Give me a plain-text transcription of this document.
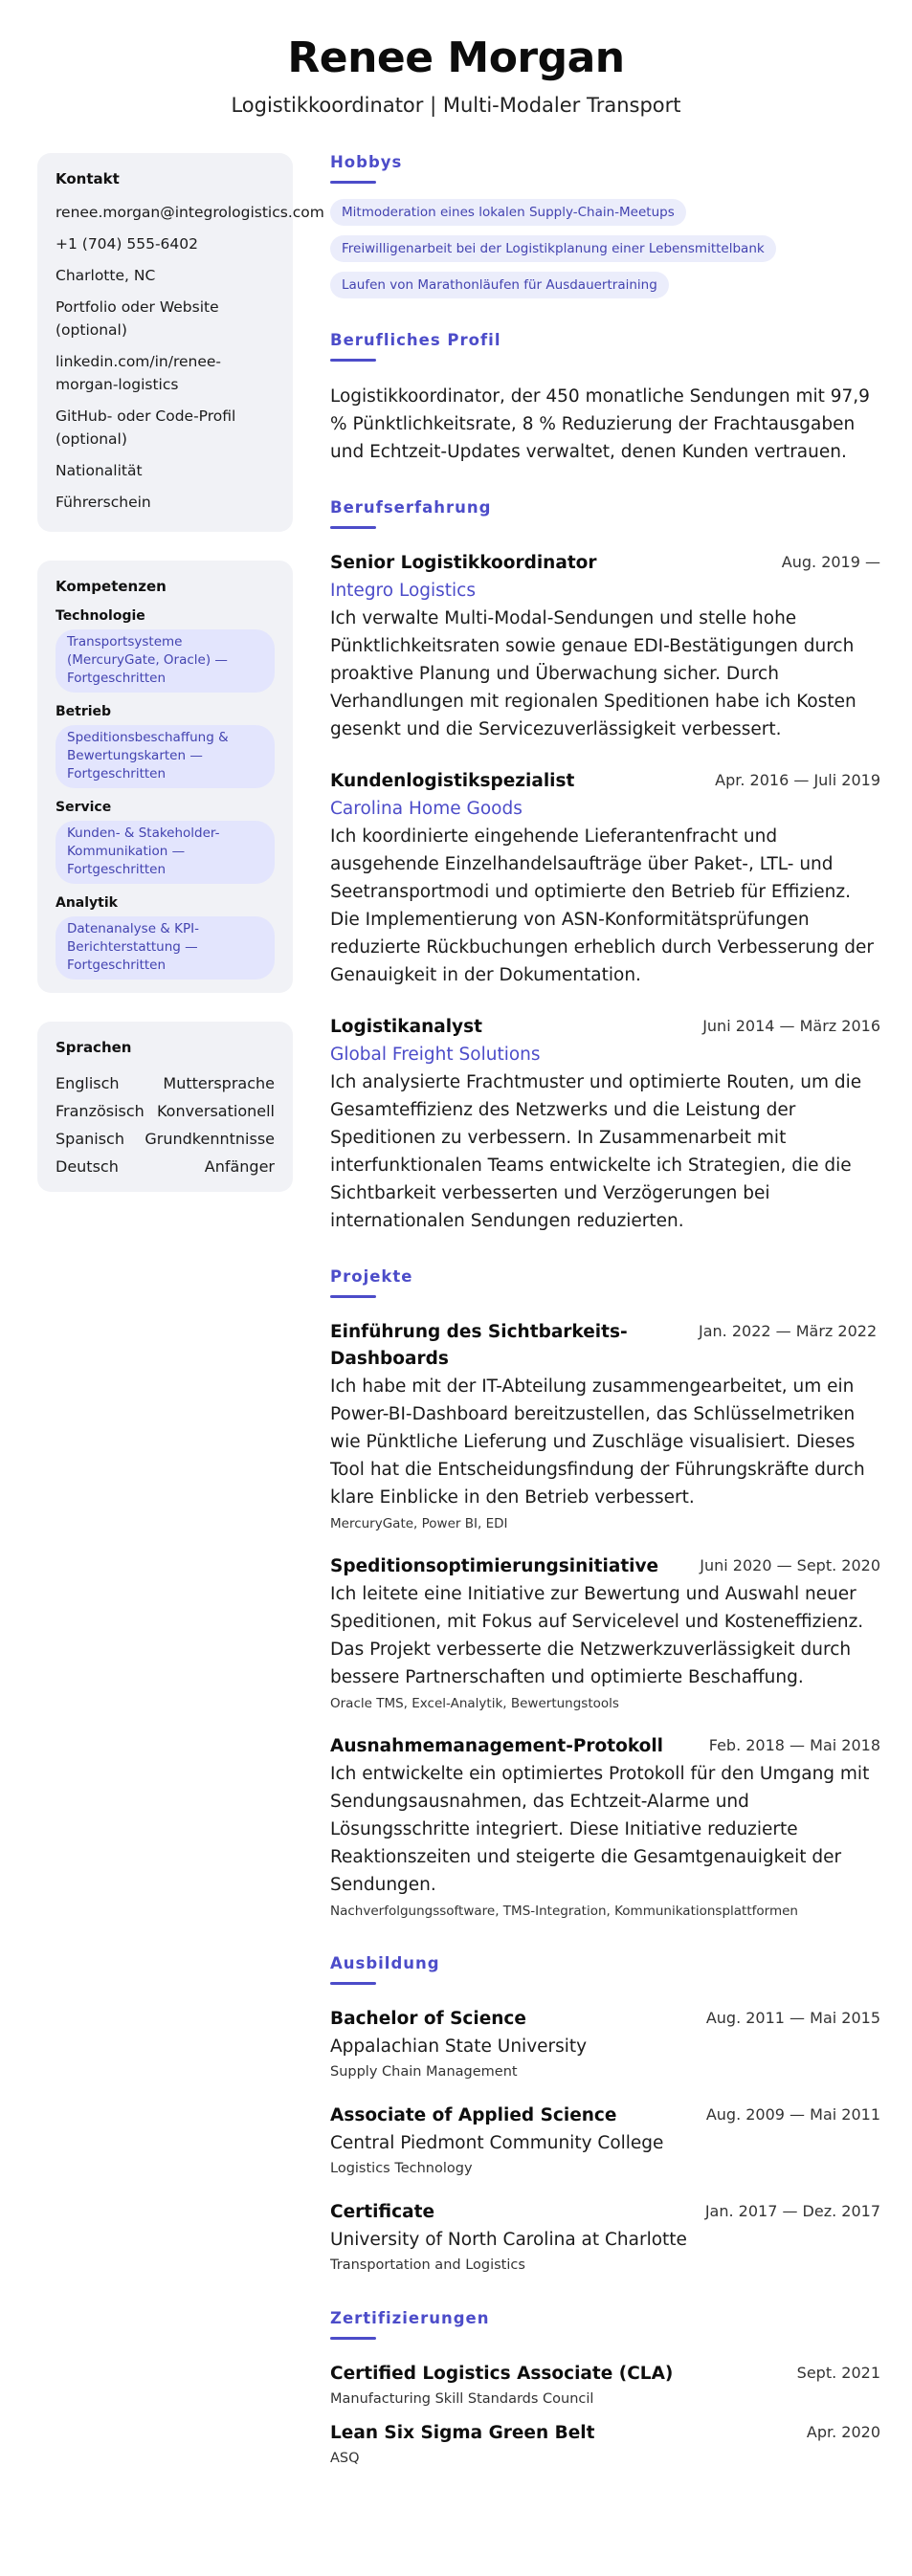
Renee Morgan
Logistikkoordinator | Multi-Modaler Transport
Kontakt
renee.morgan@integrologistics.com
+1 (704) 555-6402
Charlotte, NC
Portfolio oder Website (optional)
linkedin.com/in/renee-morgan-logistics
GitHub- oder Code-Profil (optional)
Nationalität
Führerschein
Kompetenzen
Technologie
Transportsysteme (MercuryGate, Oracle) — Fortgeschritten
Betrieb
Speditionsbeschaffung & Bewertungskarten — Fortgeschritten
Service
Kunden- & Stakeholder-Kommunikation — Fortgeschritten
Analytik
Datenanalyse & KPI-Berichterstattung — Fortgeschritten
Sprachen
Englisch	Muttersprache
Französisch Konversationell
Spanisch Grundkenntnisse
Deutsch	Anfänger
Hobbys
Mitmoderation eines lokalen Supply-Chain-Meetups
Freiwilligenarbeit bei der Logistikplanung einer Lebensmittelbank
Laufen von Marathonläufen für Ausdauertraining
Berufliches Profil
Logistikkoordinator, der 450 monatliche Sendungen mit 97,9 % Pünktlichkeitsrate, 8 % Reduzierung der Frachtausgaben und Echtzeit-Updates verwaltet, denen Kunden vertrauen.
Berufserfahrung
Senior Logistikkoordinator	Aug. 2019 —
Integro Logistics
Ich verwalte Multi-Modal-Sendungen und stelle hohe Pünktlichkeitsraten sowie genaue EDI-Bestätigungen durch proaktive Planung und Überwachung sicher. Durch Verhandlungen mit regionalen Speditionen habe ich Kosten gesenkt und die Servicezuverlässigkeit verbessert.
Kundenlogistikspezialist	Apr. 2016 — Juli 2019
Carolina Home Goods
Ich koordinierte eingehende Lieferantenfracht und ausgehende Einzelhandelsaufträge über Paket-, LTL- und Seetransportmodi und optimierte den Betrieb für Effizienz. Die Implementierung von ASN-Konformitätsprüfungen reduzierte Rückbuchungen erheblich durch Verbesserung der Genauigkeit in der Dokumentation.
Logistikanalyst	Juni 2014 — März 2016
Global Freight Solutions
Ich analysierte Frachtmuster und optimierte Routen, um die Gesamteffizienz des Netzwerks und die Leistung der Speditionen zu verbessern. In Zusammenarbeit mit interfunktionalen Teams entwickelte ich Strategien, die die Sichtbarkeit verbesserten und Verzögerungen bei internationalen Sendungen reduzierten.
Projekte
Einführung des Sichtbarkeits-Dashboards
Jan. 2022 — März 2022
Ich habe mit der IT-Abteilung zusammengearbeitet, um ein Power-BI-Dashboard bereitzustellen, das Schlüsselmetriken wie Pünktliche Lieferung und Zuschläge visualisiert. Dieses Tool hat die Entscheidungsfindung der Führungskräfte durch klare Einblicke in den Betrieb verbessert.
MercuryGate, Power BI, EDI
Speditionsoptimierungsinitiative	Juni 2020 — Sept. 2020
Ich leitete eine Initiative zur Bewertung und Auswahl neuer Speditionen, mit Fokus auf Servicelevel und Kosteneffizienz. Das Projekt verbesserte die Netzwerkzuverlässigkeit durch bessere Partnerschaften und optimierte Beschaffung.
Oracle TMS, Excel-Analytik, Bewertungstools
Ausnahmemanagement-Protokoll	Feb. 2018 — Mai 2018
Ich entwickelte ein optimiertes Protokoll für den Umgang mit Sendungsausnahmen, das Echtzeit-Alarme und Lösungsschritte integriert. Diese Initiative reduzierte Reaktionszeiten und steigerte die Gesamtgenauigkeit der Sendungen.
Nachverfolgungssoftware, TMS-Integration, Kommunikationsplattformen
Ausbildung
Bachelor of Science	Aug. 2011 — Mai 2015
Appalachian State University
Supply Chain Management
Associate of Applied Science	Aug. 2009 — Mai 2011
Central Piedmont Community College
Logistics Technology
Certificate	Jan. 2017 — Dez. 2017
University of North Carolina at Charlotte
Transportation and Logistics
Zertifizierungen
Certified Logistics Associate (CLA)	Sept. 2021
Manufacturing Skill Standards Council
Lean Six Sigma Green Belt	Apr. 2020
ASQ
